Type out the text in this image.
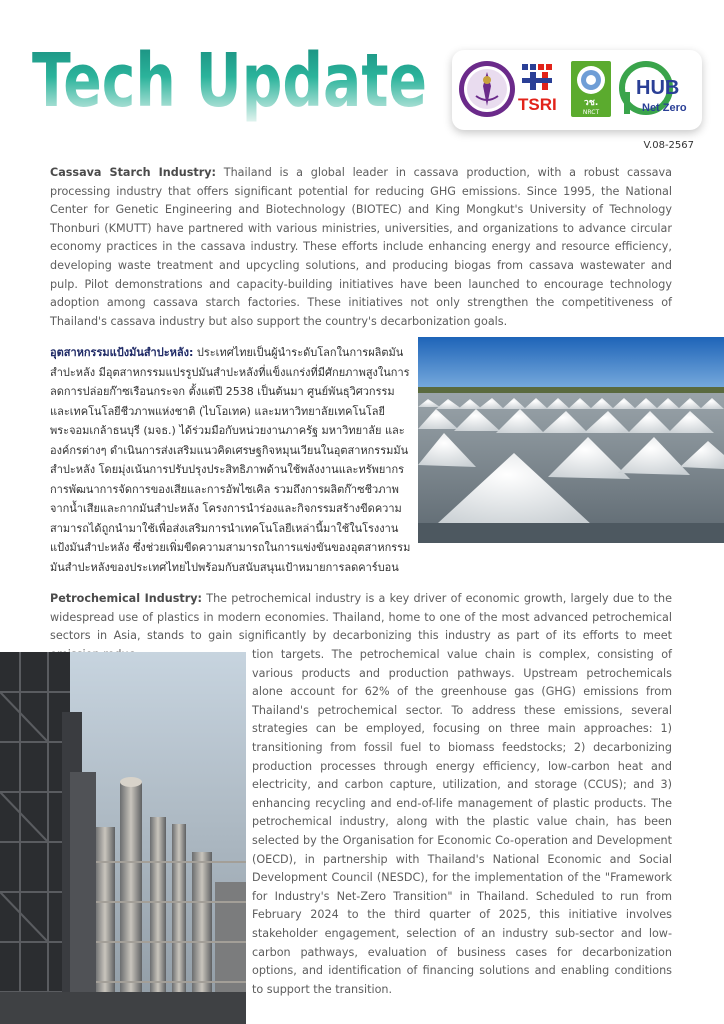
Tech Update	TSRI	วช.
NRCT
HUB
Net Zero
V.08-2567

Cassava Starch Industry: Thailand is a global leader in cassava production, with a robust cassava processing industry that offers significant potential for reducing GHG emissions. Since 1995, the National Center for Genetic Engineering and Biotechnology (BIOTEC) and King Mongkut's University of Technology Thonburi (KMUTT) have partnered with various ministries, universities, and organizations to advance circular economy practices in the cassava industry. These efforts include enhancing energy and resource efficiency, developing waste treatment and upcycling solutions, and producing biogas from cassava wastewater and pulp. Pilot demonstrations and capacity-building initiatives have been launched to encourage technology adoption among cassava starch factories. These initiatives not only strengthen the competitiveness of Thailand's cassava industry but also support the country's decarbonization goals.

อุตสาหกรรมแป้งมันสำปะหลัง: ประเทศไทยเป็นผู้นำระดับโลกในการผลิตมันสำปะหลัง มีอุตสาหกรรมแปรรูปมันสำปะหลังที่แข็งแกร่งที่มีศักยภาพสูงในการลดการปล่อยก๊าซเรือนกระจก ตั้งแต่ปี 2538 เป็นต้นมา ศูนย์พันธุวิศวกรรมและเทคโนโลยีชีวภาพแห่งชาติ (ไบโอเทค) และมหาวิทยาลัยเทคโนโลยีพระจอมเกล้าธนบุรี (มจธ.) ได้ร่วมมือกับหน่วยงานภาครัฐ มหาวิทยาลัย และองค์กรต่างๆ ดำเนินการส่งเสริมแนวคิดเศรษฐกิจหมุนเวียนในอุตสาหกรรมมันสำปะหลัง โดยมุ่งเน้นการปรับปรุงประสิทธิภาพด้านใช้พลังงานและทรัพยากร การพัฒนาการจัดการของเสียและการอัพไซเคิล รวมถึงการผลิตก๊าซชีวภาพจากน้ำเสียและกากมันสำปะหลัง โครงการนำร่องและกิจกรรมสร้างขีดความสามารถได้ถูกนำมาใช้เพื่อส่งเสริมการนำเทคโนโลยีเหล่านี้มาใช้ในโรงงานแป้งมันสำปะหลัง ซึ่งช่วยเพิ่มขีดความสามารถในการแข่งขันของอุตสาหกรรมมันสำปะหลังของประเทศไทยไปพร้อมกับสนับสนุนเป้าหมายการลดคาร์บอน

Petrochemical Industry: The petrochemical industry is a key driver of economic growth, largely due to the widespread use of plastics in modern economies. Thailand, home to one of the most advanced petrochemical sectors in Asia, stands to gain significantly by decarbonizing this industry as part of its efforts to meet

tion targets. The petrochemical value chain is complex, consisting of various products and production pathways. Upstream petrochemicals alone account for 62% of the greenhouse gas (GHG) emissions from Thailand's petrochemical sector. To address these emissions, several strategies can be employed, focusing on three main approaches: 1) transitioning from fossil fuel to biomass feedstocks; 2) decarbonizing production processes through energy efficiency, low-carbon heat and electricity, and carbon capture, utilization, and storage (CCUS); and 3) enhancing recycling and end-of-life management of plastic products. The petrochemical industry, along with the plastic value chain, has been selected by the Organisation for Economic Co-operation and Development (OECD), in partnership with Thailand's National Economic and Social Development Council (NESDC), for the implementation of the "Framework for Industry's Net-Zero Transition" in Thailand. Scheduled to run from February 2024 to the third quarter of 2025, this initiative involves stakeholder engagement, selection of an industry sub-sector and low-carbon pathways, evaluation of business cases for decarbonization options, and identification of financing solutions and enabling conditions to support the transition.
